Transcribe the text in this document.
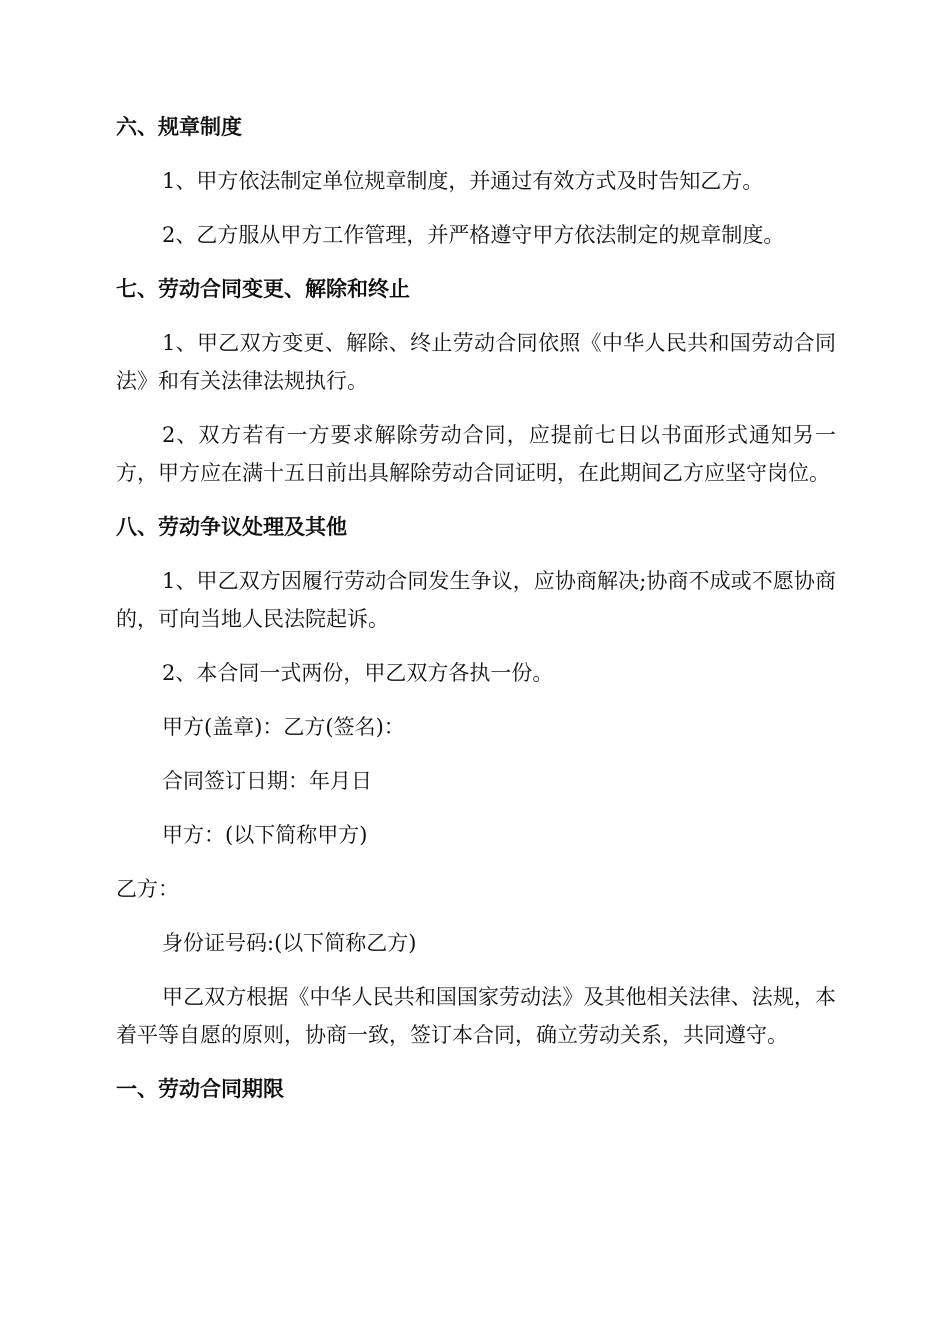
六、规章制度
1、甲方依法制定单位规章制度，并通过有效方式及时告知乙方。
2、乙方服从甲方工作管理，并严格遵守甲方依法制定的规章制度。
七、劳动合同变更、解除和终止
1、甲乙双方变更、解除、终止劳动合同依照《中华人民共和国劳动合同法》和有关法律法规执行。
2、双方若有一方要求解除劳动合同，应提前七日以书面形式通知另一方，甲方应在满十五日前出具解除劳动合同证明，在此期间乙方应坚守岗位。
八、劳动争议处理及其他
1、甲乙双方因履行劳动合同发生争议，应协商解决;协商不成或不愿协商的，可向当地人民法院起诉。
2、本合同一式两份，甲乙双方各执一份。
甲方(盖章)：乙方(签名)：
合同签订日期：年月日
甲方：(以下简称甲方)
乙方：
身份证号码:(以下简称乙方)
甲乙双方根据《中华人民共和国国家劳动法》及其他相关法律、法规，本着平等自愿的原则，协商一致，签订本合同，确立劳动关系，共同遵守。
一、劳动合同期限
